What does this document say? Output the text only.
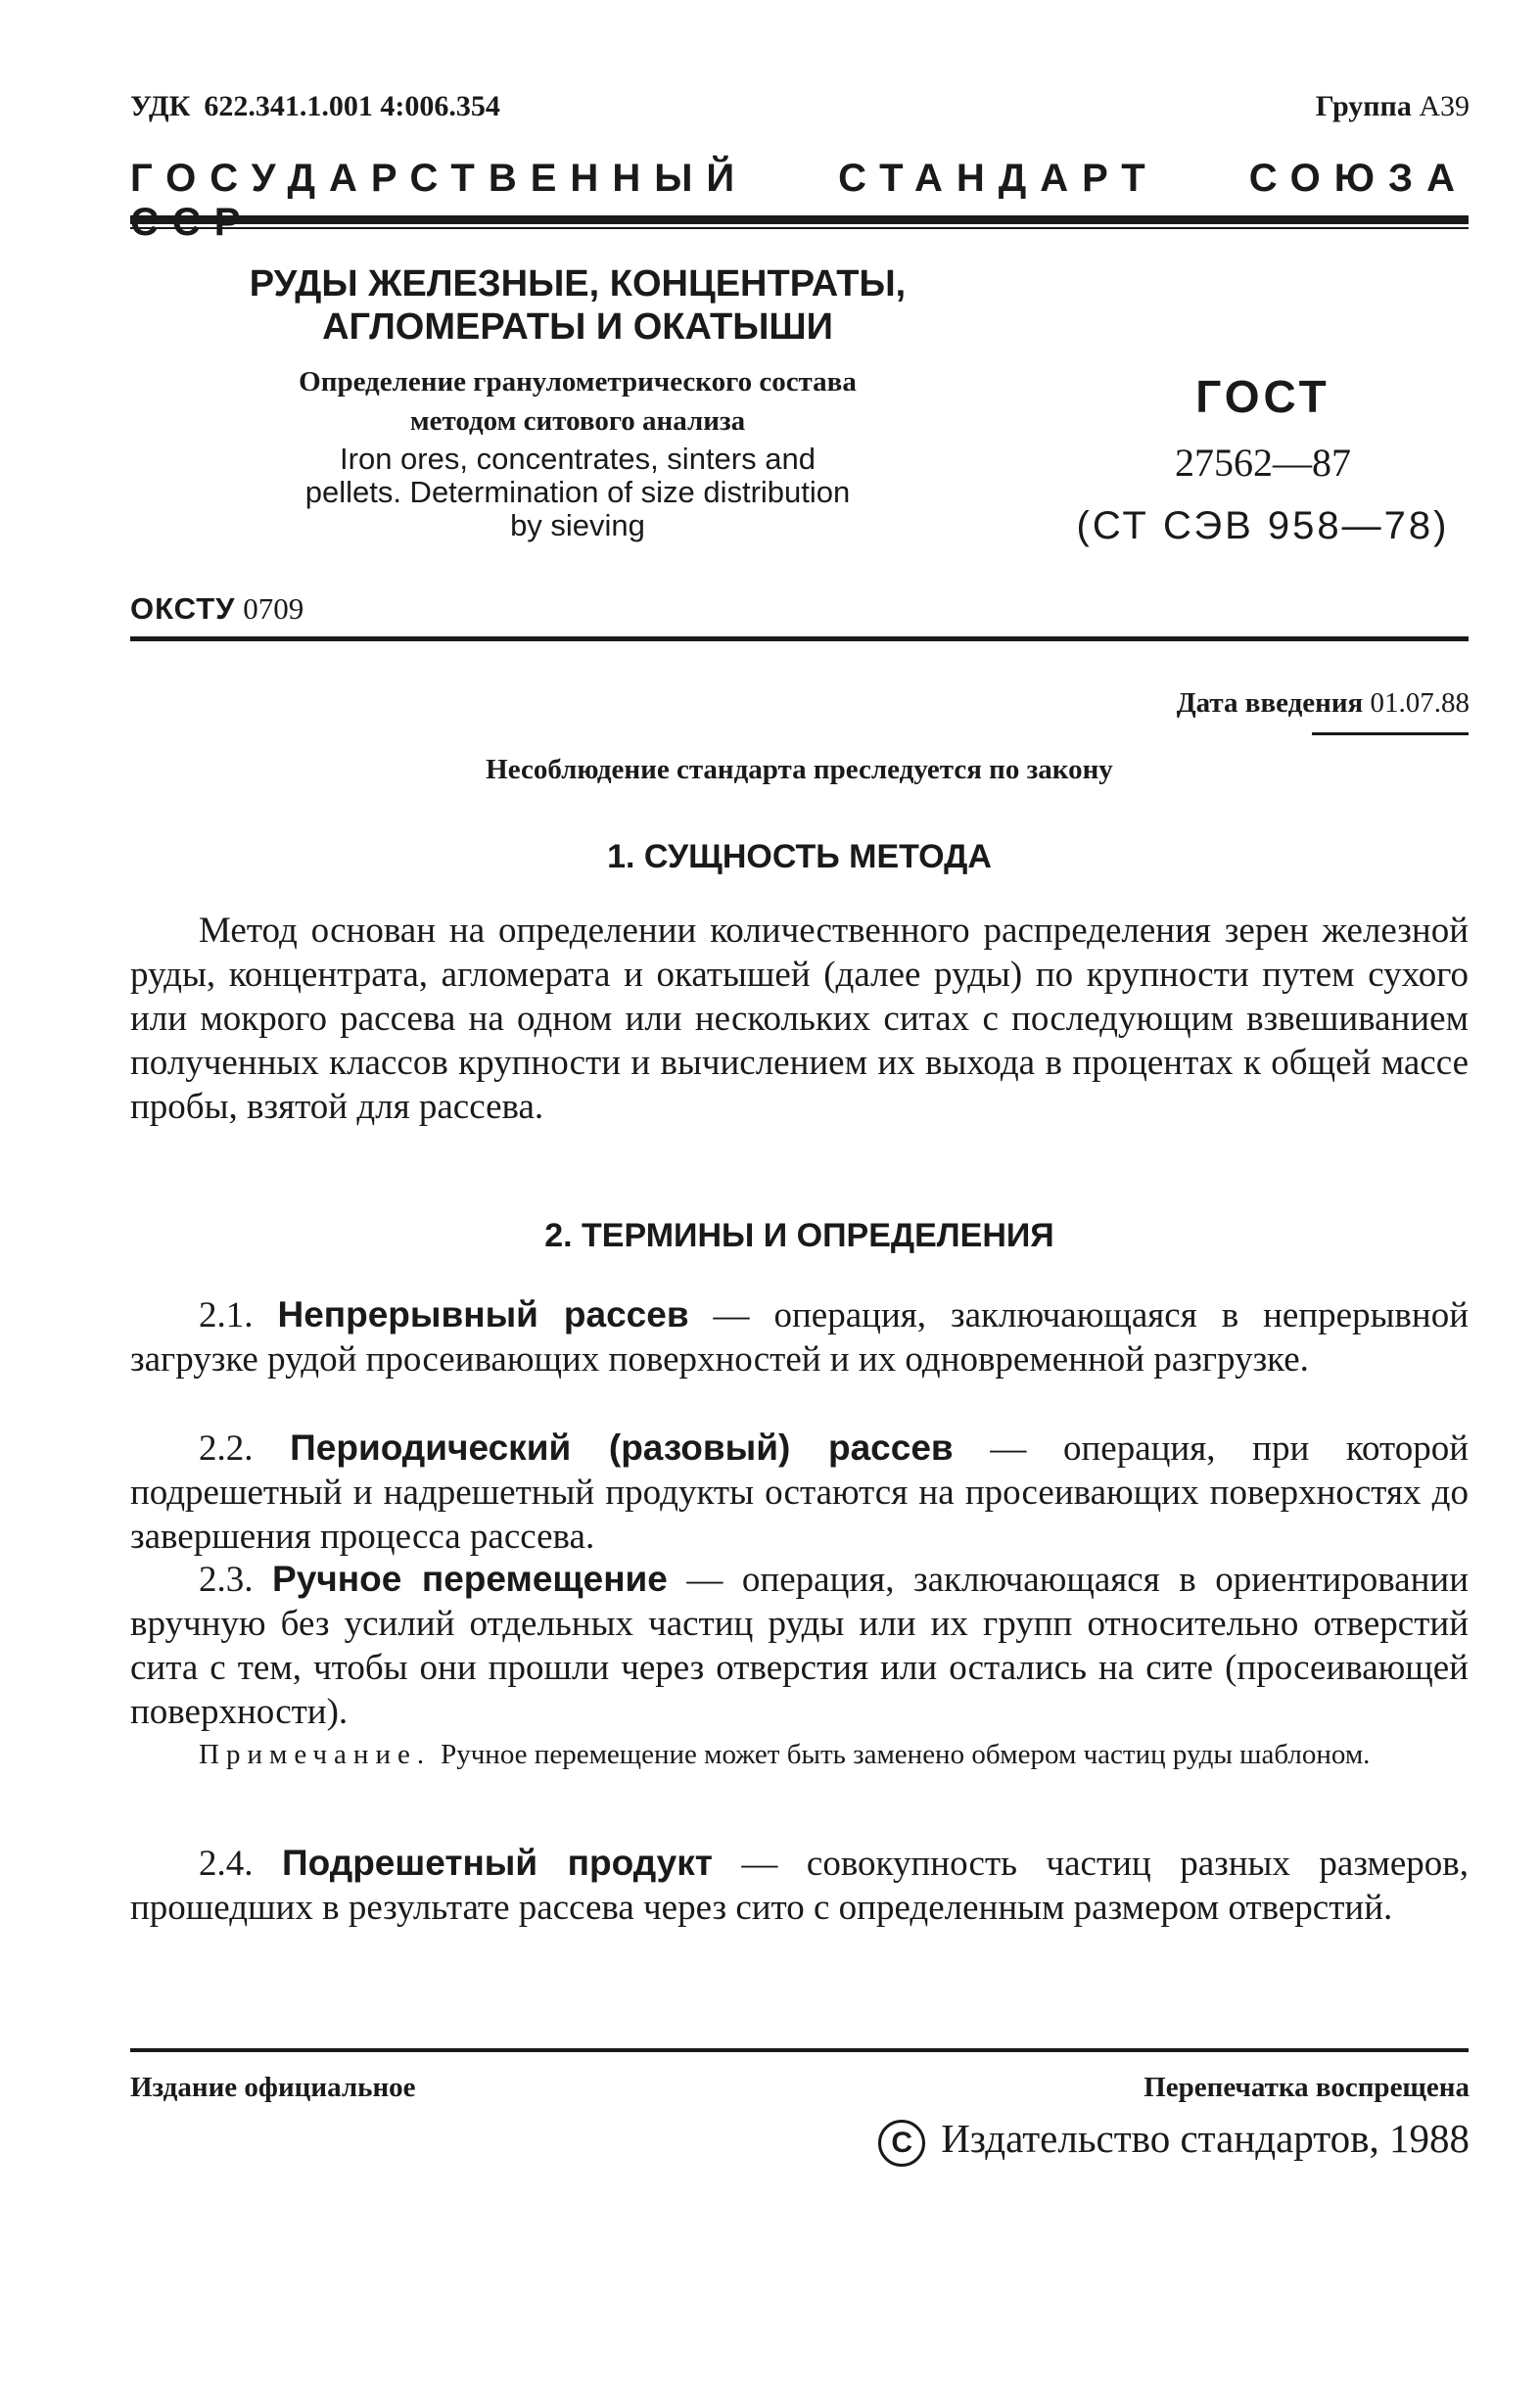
УДК 622.341.1.001 4:006.354	Группа А39
ГОСУДАРСТВЕННЫЙ СТАНДАРТ СОЮЗА
РУДЫ ЖЕЛЕЗНЫЕ, КОНЦЕНТРАТЫ,
АГЛОМЕРАТЫ И ОКАТЫШИ
Определение гранулометрического состава
методом ситового анализа
Iron ores, concentrates, sinters and
pellets. Determination of size distribution
by sieving
ГОСТ
27562—87
(СТ СЭВ 958—78)
ОКСТУ 0709
Дата введения 01.07.88
Несоблюдение стандарта преследуется по закону
1. СУЩНОСТЬ МЕТОДА

Метод основан на определении количественного распределения зерен железной руды, концентрата, агломерата и окатышей (далее руды) по крупности путем сухого или мокрого рассева на одном или нескольких ситах с последующим взвешиванием полученных классов крупности и вычислением их выхода в процентах к общей массе пробы, взятой для рассева.

2. ТЕРМИНЫ И ОПРЕДЕЛЕНИЯ

2.1. Непрерывный рассев — операция, заключающаяся в непрерывной загрузке рудой просеивающих поверхностей и их одновременной разгрузке.

2.2. Периодический (разовый) рассев — операция, при которой подрешетный и надрешетный продукты остаются на просеивающих поверхностях до завершения процесса рассева.

2.3. Ручное перемещение — операция, заключающаяся в ориентировании вручную без усилий отдельных частиц руды или их групп относительно отверстий сита с тем, чтобы они прошли через отверстия или остались на сите (просеивающей поверхности).

Примечание. Ручное перемещение может быть заменено обмером частиц руды шаблоном.

2.4. Подрешетный продукт — совокупность частиц разных размеров, прошедших в результате рассева через сито с определенным размером отверстий.

Издание официальное	Перепечатка воспрещена
C Издательство стандартов, 1988
